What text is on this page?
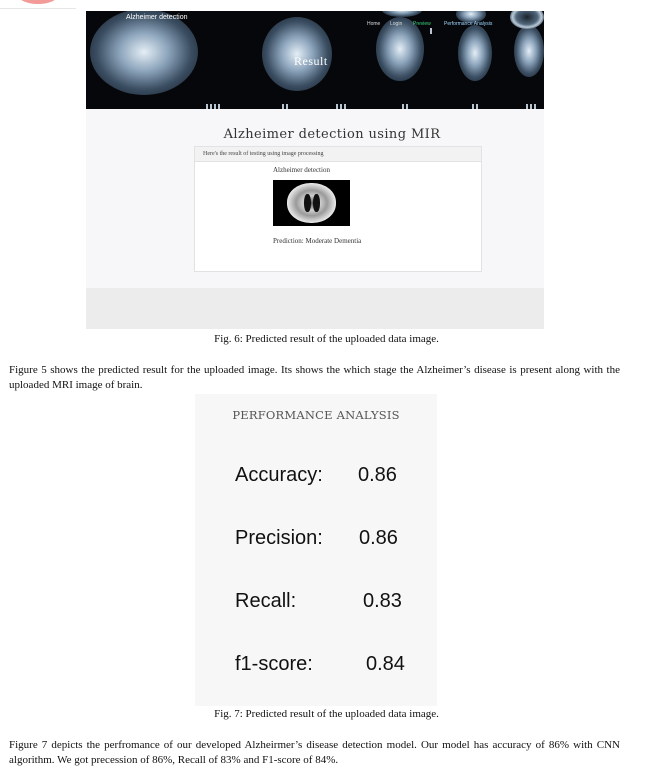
Alzheimer detection
Home Login Preview	Performance Analysis
Result
Alzheimer detection using MIR
Here's the result of testing using image processing
Alzheimer detection
Prediction: Moderate Dementia
Fig. 6: Predicted result of the uploaded data image.
Figure 5 shows the predicted result for the uploaded image. Its shows the which stage the Alzheimer’s disease is present along with the uploaded MRI image of brain.
PERFORMANCE ANALYSIS
Accuracy: 0.86
Precision: 0.86
Recall:	0.83
f1-score:	0.84
Fig. 7: Predicted result of the uploaded data image.
Figure 7 depicts the perfromance of our developed Alzheirmer’s disease detection model. Our model has accuracy of 86% with CNN algorithm. We got precession of 86%, Recall of 83% and F1-score of 84%.
